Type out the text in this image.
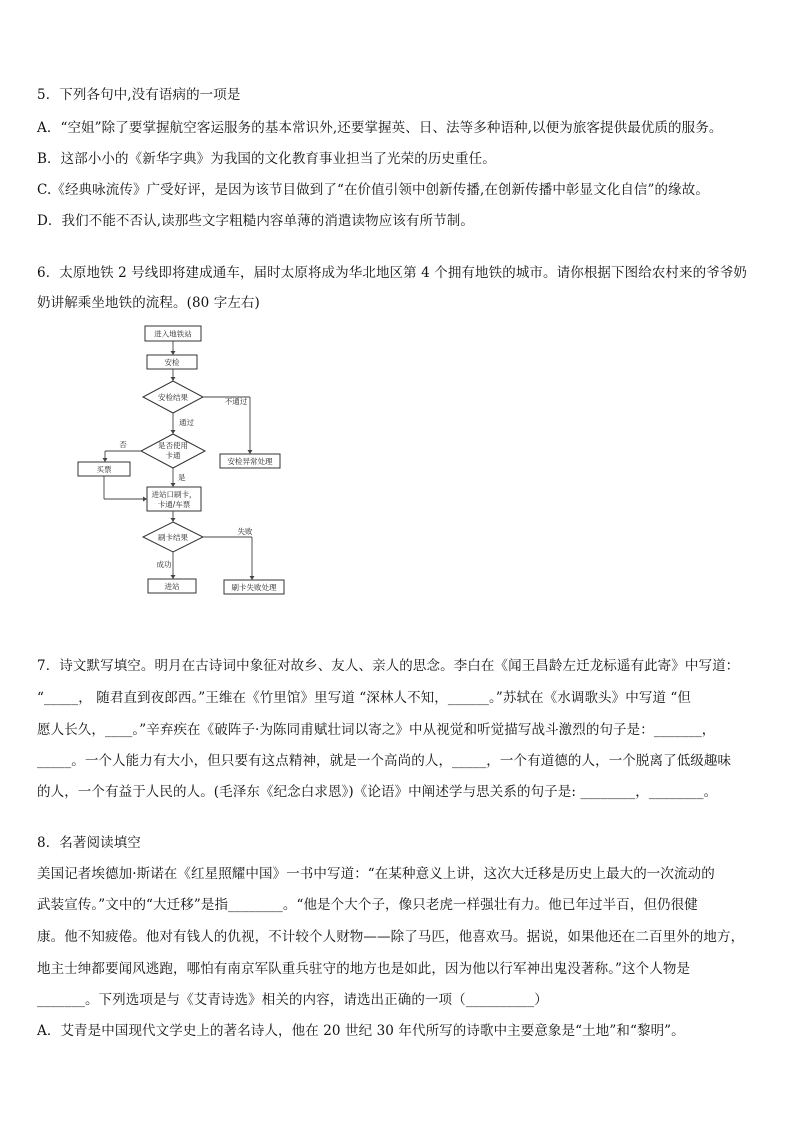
5．下列各句中,没有语病的一项是
A．“空姐”除了要掌握航空客运服务的基本常识外,还要掌握英、日、法等多种语种,以便为旅客提供最优质的服务。
B．这部小小的《新华字典》为我国的文化教育事业担当了光荣的历史重任。
C.《经典咏流传》广受好评，是因为该节目做到了“在价值引领中创新传播,在创新传播中彰显文化自信”的缘故。
D．我们不能不否认,读那些文字粗糙内容单薄的消遣读物应该有所节制。
6．太原地铁 2 号线即将建成通车，届时太原将成为华北地区第 4 个拥有地铁的城市。请你根据下图给农村来的爷爷奶
奶讲解乘坐地铁的流程。(80 字左右)
进入地铁站
安检
安检结果	不通过
安检异常处理
通过
是否使用
卡通
否
买票
是
进站口刷卡，
卡通/车票
刷卡结果
失败
刷卡失败处理
成功
进站
7．诗文默写填空。明月在古诗词中象征对故乡、友人、亲人的思念。李白在《闻王昌龄左迁龙标遥有此寄》中写道：
“_____， 随君直到夜郎西。”王维在《竹里馆》里写道 “深林人不知，______。”苏轼在《水调歌头》中写道 “但
愿人长久，____。”辛弃疾在《破阵子·为陈同甫赋壮词以寄之》中从视觉和听觉描写战斗激烈的句子是：_______，
_____。一个人能力有大小，但只要有这点精神，就是一个高尚的人，_____，一个有道德的人，一个脱离了低级趣味
的人，一个有益于人民的人。(毛泽东《纪念白求恩》)《论语》中阐述学与思关系的句子是: ________，________。
8．名著阅读填空
美国记者埃德加·斯诺在《红星照耀中国》一书中写道：“在某种意义上讲，这次大迁移是历史上最大的一次流动的
武装宣传。”文中的“大迁移”是指________。“他是个大个子，像只老虎一样强壮有力。他已年过半百，但仍很健
康。他不知疲倦。他对有钱人的仇视，不计较个人财物——除了马匹，他喜欢马。据说，如果他还在二百里外的地方，
地主士绅都要闻风逃跑，哪怕有南京军队重兵驻守的地方也是如此，因为他以行军神出鬼没著称。”这个人物是
_______。下列选项是与《艾青诗选》相关的内容，请选出正确的一项（__________）
A．艾青是中国现代文学史上的著名诗人，他在 20 世纪 30 年代所写的诗歌中主要意象是“土地”和“黎明”。
